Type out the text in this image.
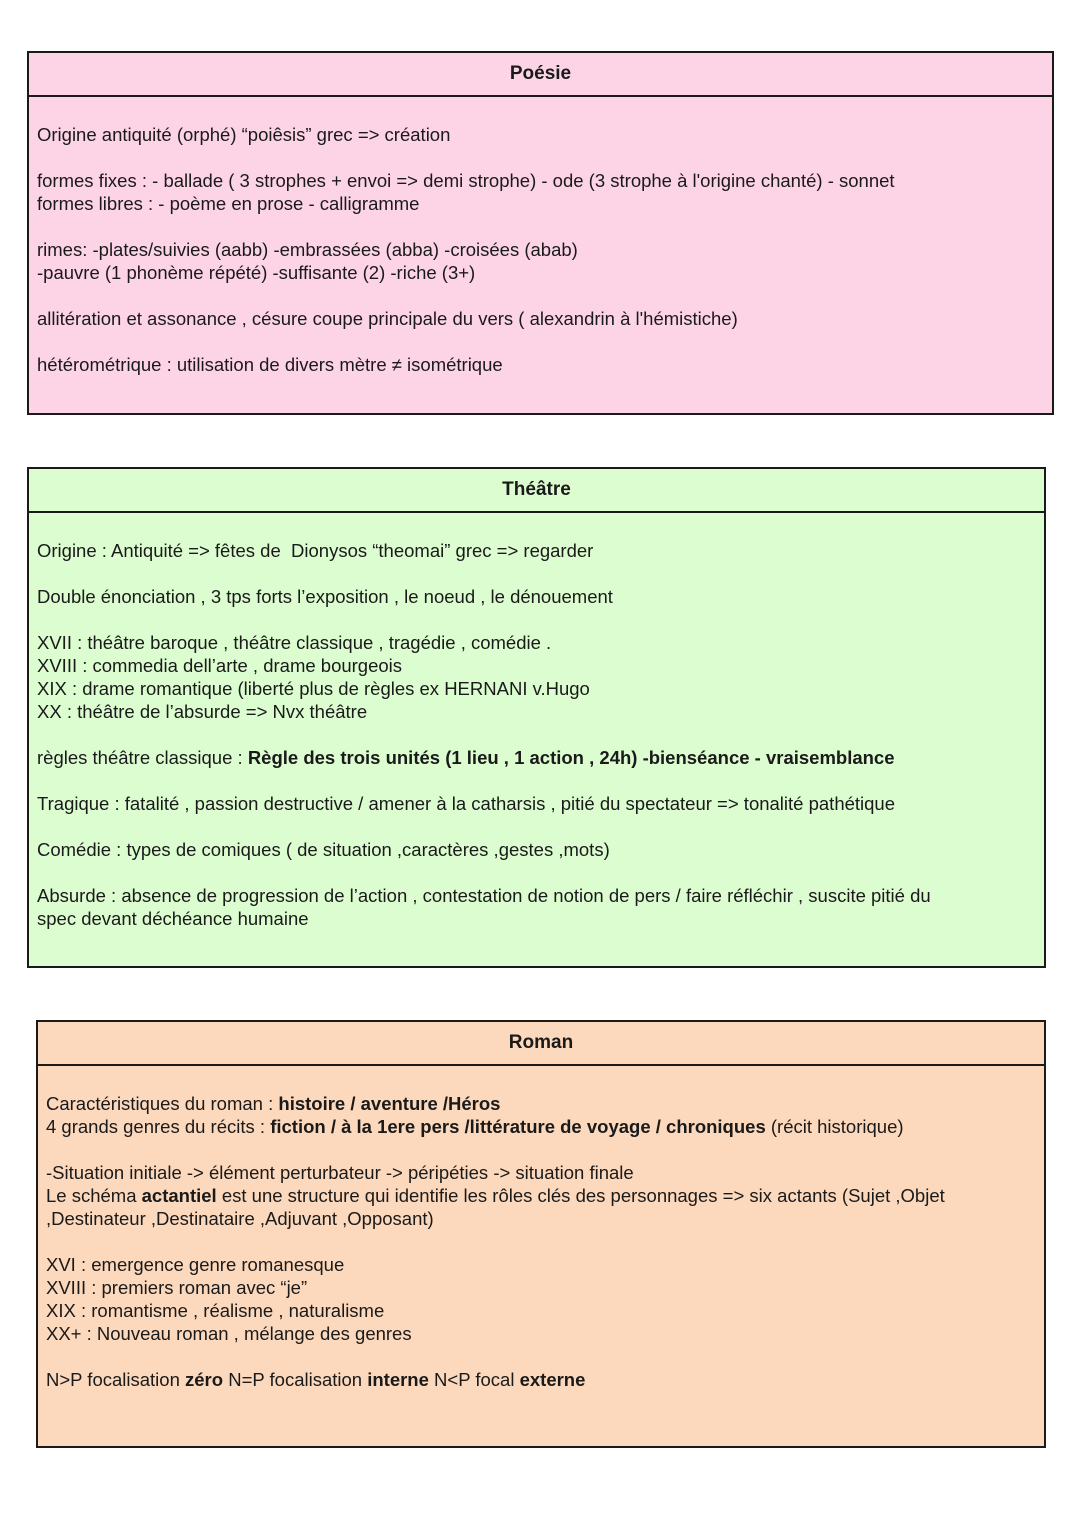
Poésie

Origine antiquité (orphé) “poiêsis” grec => création

formes fixes : - ballade ( 3 strophes + envoi => demi strophe) - ode (3 strophe à l'origine chanté) - sonnet
formes libres : - poème en prose - calligramme

rimes: -plates/suivies (aabb) -embrassées (abba) -croisées (abab)
-pauvre (1 phonème répété) -suffisante (2) -riche (3+)

allitération et assonance , césure coupe principale du vers ( alexandrin à l'hémistiche)

hétérométrique : utilisation de divers mètre ≠ isométrique

Théâtre

Origine : Antiquité => fêtes de  Dionysos “theomai” grec => regarder

Double énonciation , 3 tps forts l’exposition , le noeud , le dénouement

XVII : théâtre baroque , théâtre classique , tragédie , comédie .
XVIII : commedia dell’arte , drame bourgeois
XIX : drame romantique (liberté plus de règles ex HERNANI v.Hugo
XX : théâtre de l’absurde => Nvx théâtre

règles théâtre classique : Règle des trois unités (1 lieu , 1 action , 24h) -bienséance - vraisemblance

Tragique : fatalité , passion destructive / amener à la catharsis , pitié du spectateur => tonalité pathétique

Comédie : types de comiques ( de situation ,caractères ,gestes ,mots)

Absurde : absence de progression de l’action , contestation de notion de pers / faire réfléchir , suscite pitié du
spec devant déchéance humaine

Roman

Caractéristiques du roman : histoire / aventure /Héros
4 grands genres du récits : fiction / à la 1ere pers /littérature de voyage / chroniques (récit historique)

-Situation initiale -> élément perturbateur -> péripéties -> situation finale
Le schéma actantiel est une structure qui identifie les rôles clés des personnages => six actants (Sujet ,Objet
,Destinateur ,Destinataire ,Adjuvant ,Opposant)

XVI : emergence genre romanesque
XVIII : premiers roman avec “je”
XIX : romantisme , réalisme , naturalisme
XX+ : Nouveau roman , mélange des genres

N>P focalisation zéro N=P focalisation interne N<P focal externe
